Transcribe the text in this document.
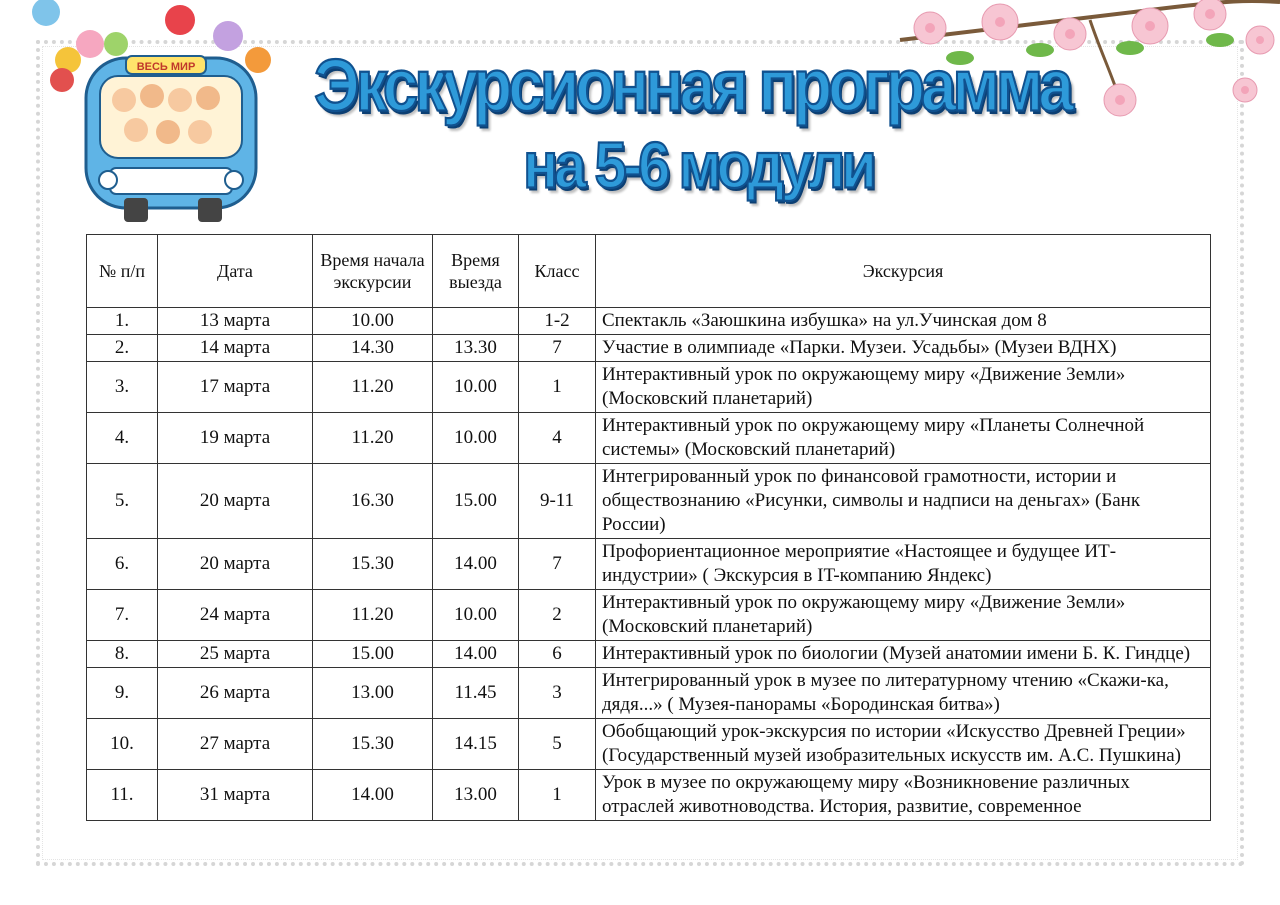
ВЕСЬ МИР	Экскурсионная программа
на 5-6 модули
№ п/п	Дата	Время начала экскурсии	Время выезда	Класс	Экскурсия
1.	13 марта	10.00		1-2	Спектакль «Заюшкина избушка» на ул.Учинская дом 8
2.	14 марта	14.30	13.30	7	Участие в олимпиаде «Парки. Музеи. Усадьбы» (Музеи ВДНХ)
3.	17 марта	11.20	10.00	1	Интерактивный урок по окружающему миру «Движение Земли» (Московский планетарий)
4.	19 марта	11.20	10.00	4	Интерактивный урок по окружающему миру «Планеты Солнечной системы» (Московский планетарий)
5.	20 марта	16.30	15.00	9-11	Интегрированный урок по финансовой грамотности, истории и обществознанию «Рисунки, символы и надписи на деньгах» (Банк России)
6.	20 марта	15.30	14.00	7	Профориентационное мероприятие «Настоящее и будущее ИТ-индустрии» ( Экскурсия в IT-компанию Яндекс)
7.	24 марта	11.20	10.00	2	Интерактивный урок по окружающему миру «Движение Земли» (Московский планетарий)
8.	25 марта	15.00	14.00	6	Интерактивный урок по биологии (Музей анатомии имени Б. К. Гиндце)
9.	26 марта	13.00	11.45	3	Интегрированный урок в музее по литературному чтению «Скажи-ка, дядя...» ( Музея-панорамы «Бородинская битва»)
10.	27 марта	15.30	14.15	5	Обобщающий урок-экскурсия по истории «Искусство Древней Греции» (Государственный музей изобразительных искусств им. А.С. Пушкина)
11.	31 марта	14.00	13.00	1	Урок в музее по окружающему миру «Возникновение различных отраслей животноводства. История, развитие, современное
